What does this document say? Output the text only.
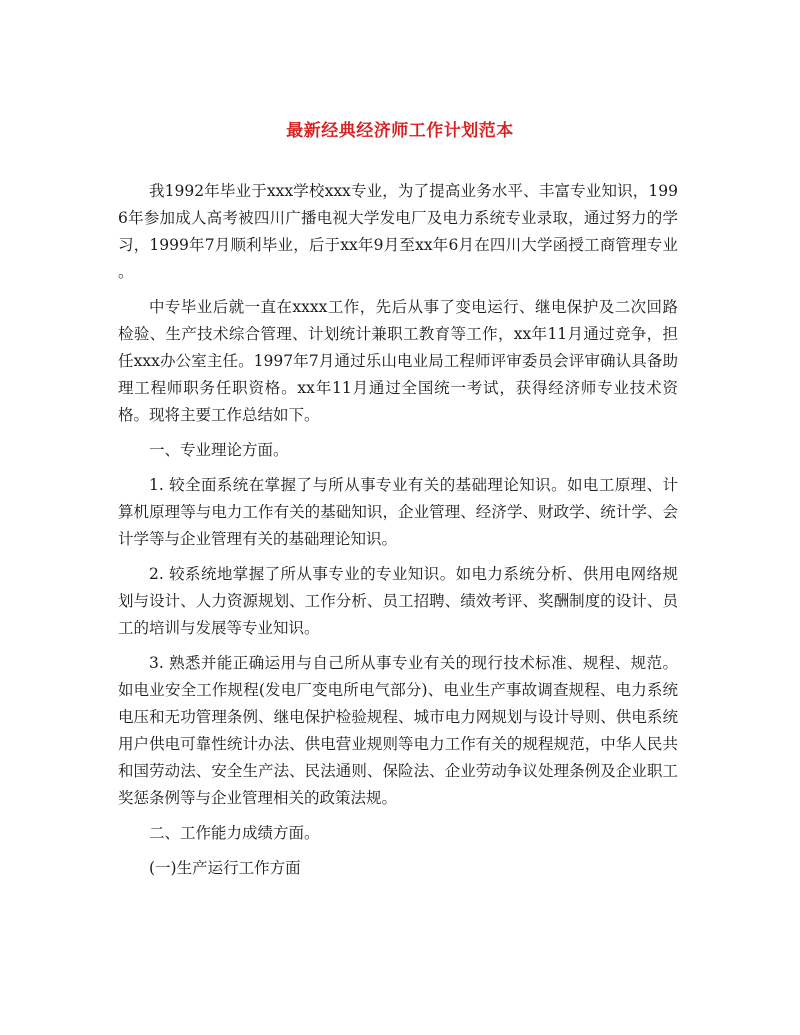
最新经典经济师工作计划范本

我1992年毕业于xxx学校xxx专业，为了提高业务水平、丰富专业知识，1996年参加成人高考被四川广播电视大学发电厂及电力系统专业录取，通过努力的学习，1999年7月顺利毕业，后于xx年9月至xx年6月在四川大学函授工商管理专业 。

中专毕业后就一直在xxxx工作，先后从事了变电运行、继电保护及二次回路检验、生产技术综合管理、计划统计兼职工教育等工作，xx年11月通过竞争，担任xxx办公室主任。1997年7月通过乐山电业局工程师评审委员会评审确认具备助理工程师职务任职资格。xx年11月通过全国统一考试，获得经济师专业技术资格。现将主要工作总结如下。

一、专业理论方面。

1. 较全面系统在掌握了与所从事专业有关的基础理论知识。如电工原理、计算机原理等与电力工作有关的基础知识，企业管理、经济学、财政学、统计学、会计学等与企业管理有关的基础理论知识。

2. 较系统地掌握了所从事专业的专业知识。如电力系统分析、供用电网络规划与设计、人力资源规划、工作分析、员工招聘、绩效考评、奖酬制度的设计、员工的培训与发展等专业知识。

3. 熟悉并能正确运用与自己所从事专业有关的现行技术标准、规程、规范。如电业安全工作规程(发电厂变电所电气部分)、电业生产事故调查规程、电力系统电压和无功管理条例、继电保护检验规程、城市电力网规划与设计导则、供电系统用户供电可靠性统计办法、供电营业规则等电力工作有关的规程规范，中华人民共和国劳动法、安全生产法、民法通则、保险法、企业劳动争议处理条例及企业职工奖惩条例等与企业管理相关的政策法规。

二、工作能力成绩方面。

(一)生产运行工作方面
